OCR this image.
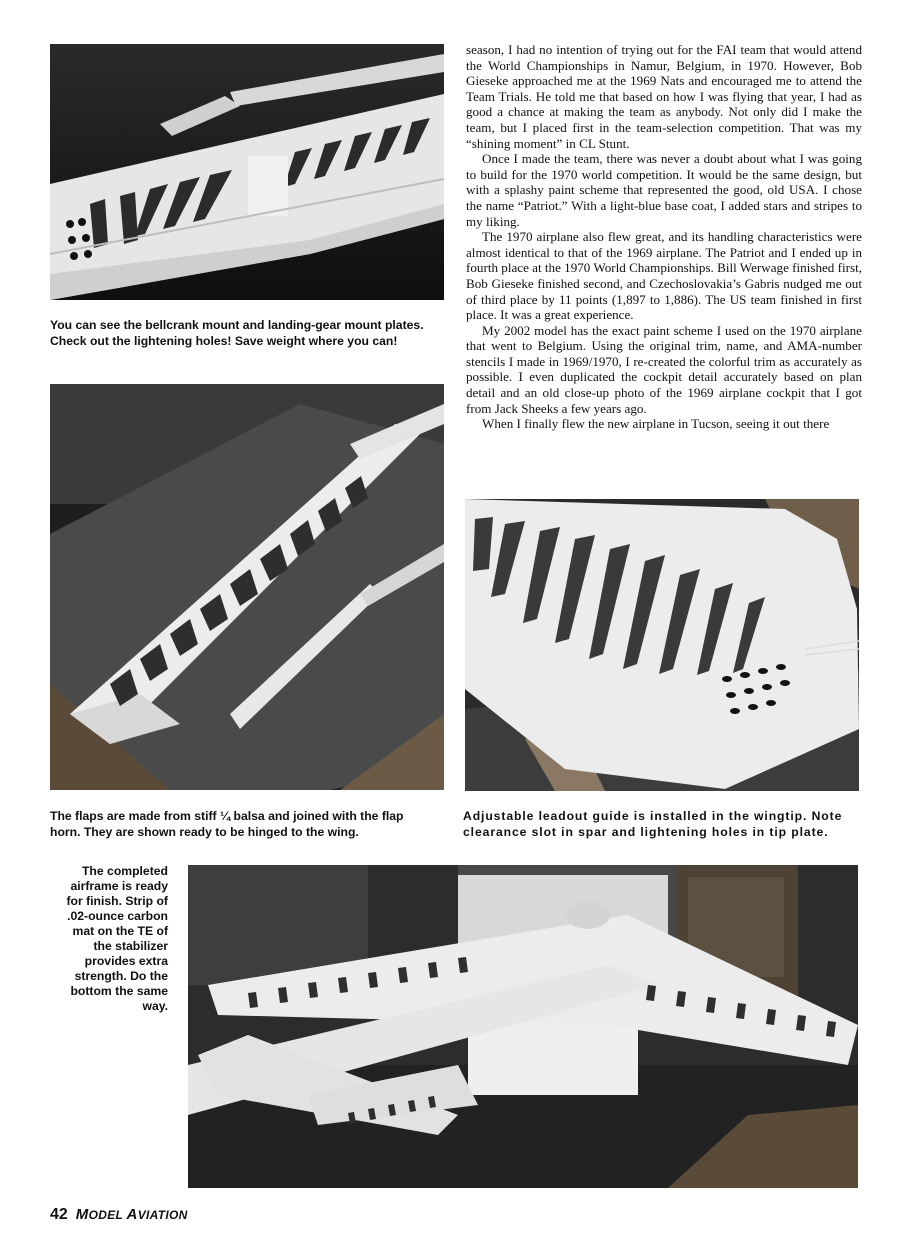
You can see the bellcrank mount and landing-gear mount plates.
Check out the lightening holes! Save weight where you can!
The flaps are made from stiff ¼ balsa and joined with the flap
horn. They are shown ready to be hinged to the wing.

season, I had no intention of trying out for the FAI team that would attend the World Championships in Namur, Belgium, in 1970. However, Bob Gieseke approached me at the 1969 Nats and encouraged me to attend the Team Trials. He told me that based on how I was flying that year, I had as good a chance at making the team as anybody. Not only did I make the team, but I placed first in the team-selection competition. That was my “shining moment” in CL Stunt.

Once I made the team, there was never a doubt about what I was going to build for the 1970 world competition. It would be the same design, but with a splashy paint scheme that represented the good, old USA. I chose the name “Patriot.” With a light-blue base coat, I added stars and stripes to my liking.

The 1970 airplane also flew great, and its handling characteristics were almost identical to that of the 1969 airplane. The Patriot and I ended up in fourth place at the 1970 World Championships. Bill Werwage finished first, Bob Gieseke finished second, and Czechoslovakia’s Gabris nudged me out of third place by 11 points (1,897 to 1,886). The US team finished in first place. It was a great experience.

My 2002 model has the exact paint scheme I used on the 1970 airplane that went to Belgium. Using the original trim, name, and AMA-number stencils I made in 1969/1970, I re-created the colorful trim as accurately as possible. I even duplicated the cockpit detail accurately based on plan detail and an old close-up photo of the 1969 airplane cockpit that I got from Jack Sheeks a few years ago.

When I finally flew the new airplane in Tucson, seeing it out there

Adjustable leadout guide is installed in the wingtip. Note
clearance slot in spar and lightening holes in tip plate.
The completed
airframe is ready
for finish. Strip of
.02-ounce carbon
mat on the TE of
the stabilizer
provides extra
strength. Do the
bottom the same
way.
42 MODEL AVIATION
